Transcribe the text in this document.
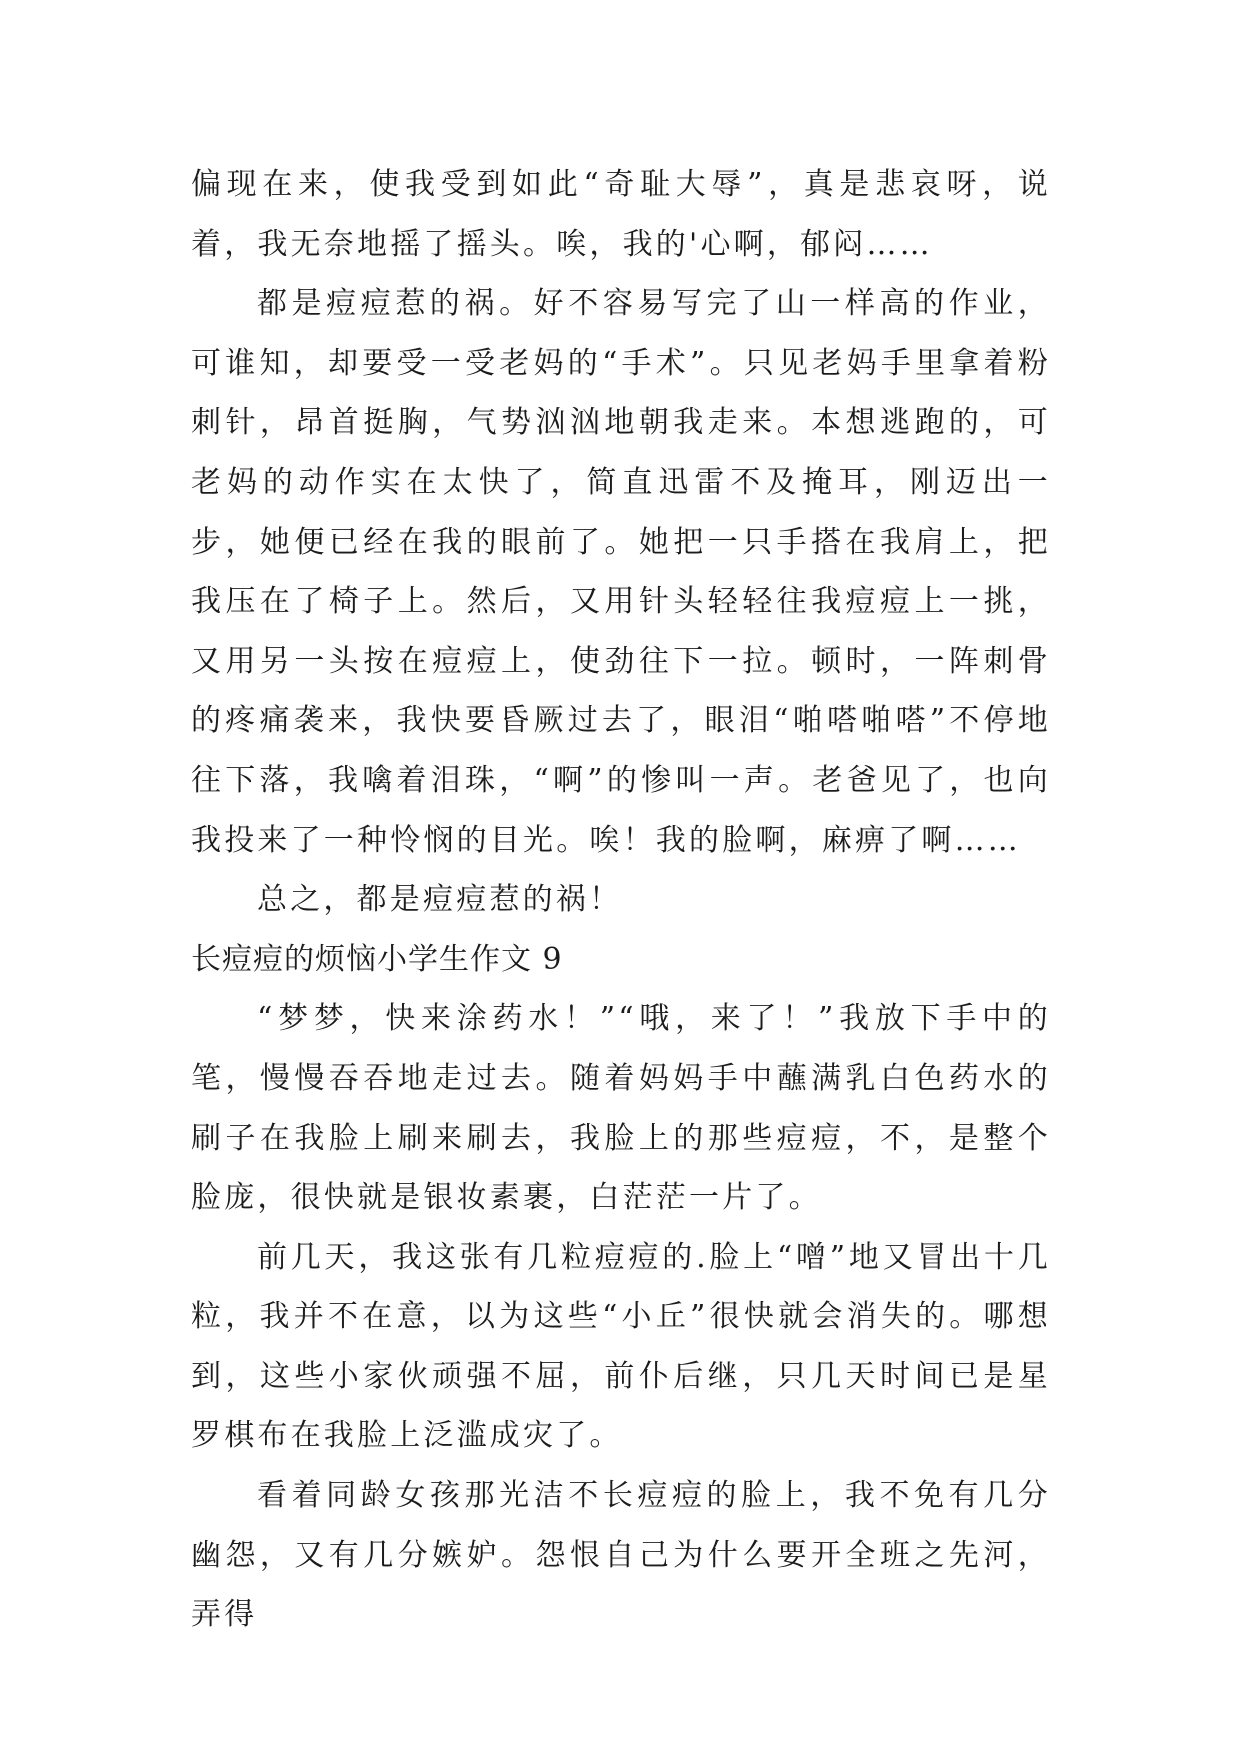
偏现在来，使我受到如此“奇耻大辱”，真是悲哀呀，说着，我无奈地摇了摇头。唉，我的'心啊，郁闷……

都是痘痘惹的祸。好不容易写完了山一样高的作业，可谁知，却要受一受老妈的“手术”。只见老妈手里拿着粉刺针，昂首挺胸，气势汹汹地朝我走来。本想逃跑的，可老妈的动作实在太快了，简直迅雷不及掩耳，刚迈出一步，她便已经在我的眼前了。她把一只手搭在我肩上，把我压在了椅子上。然后，又用针头轻轻往我痘痘上一挑，又用另一头按在痘痘上，使劲往下一拉。顿时，一阵刺骨的疼痛袭来，我快要昏厥过去了，眼泪“啪嗒啪嗒”不停地往下落，我噙着泪珠，“啊”的惨叫一声。老爸见了，也向我投来了一种怜悯的目光。唉！我的脸啊，麻痹了啊……

总之，都是痘痘惹的祸！

长痘痘的烦恼小学生作文 9

“梦梦，快来涂药水！”“哦，来了！”我放下手中的笔，慢慢吞吞地走过去。随着妈妈手中蘸满乳白色药水的刷子在我脸上刷来刷去，我脸上的那些痘痘，不，是整个脸庞，很快就是银妆素裹，白茫茫一片了。

前几天，我这张有几粒痘痘的.脸上“噌”地又冒出十几粒，我并不在意，以为这些“小丘”很快就会消失的。哪想到，这些小家伙顽强不屈，前仆后继，只几天时间已是星罗棋布在我脸上泛滥成灾了。

看着同龄女孩那光洁不长痘痘的脸上，我不免有几分幽怨，又有几分嫉妒。怨恨自己为什么要开全班之先河，弄得
